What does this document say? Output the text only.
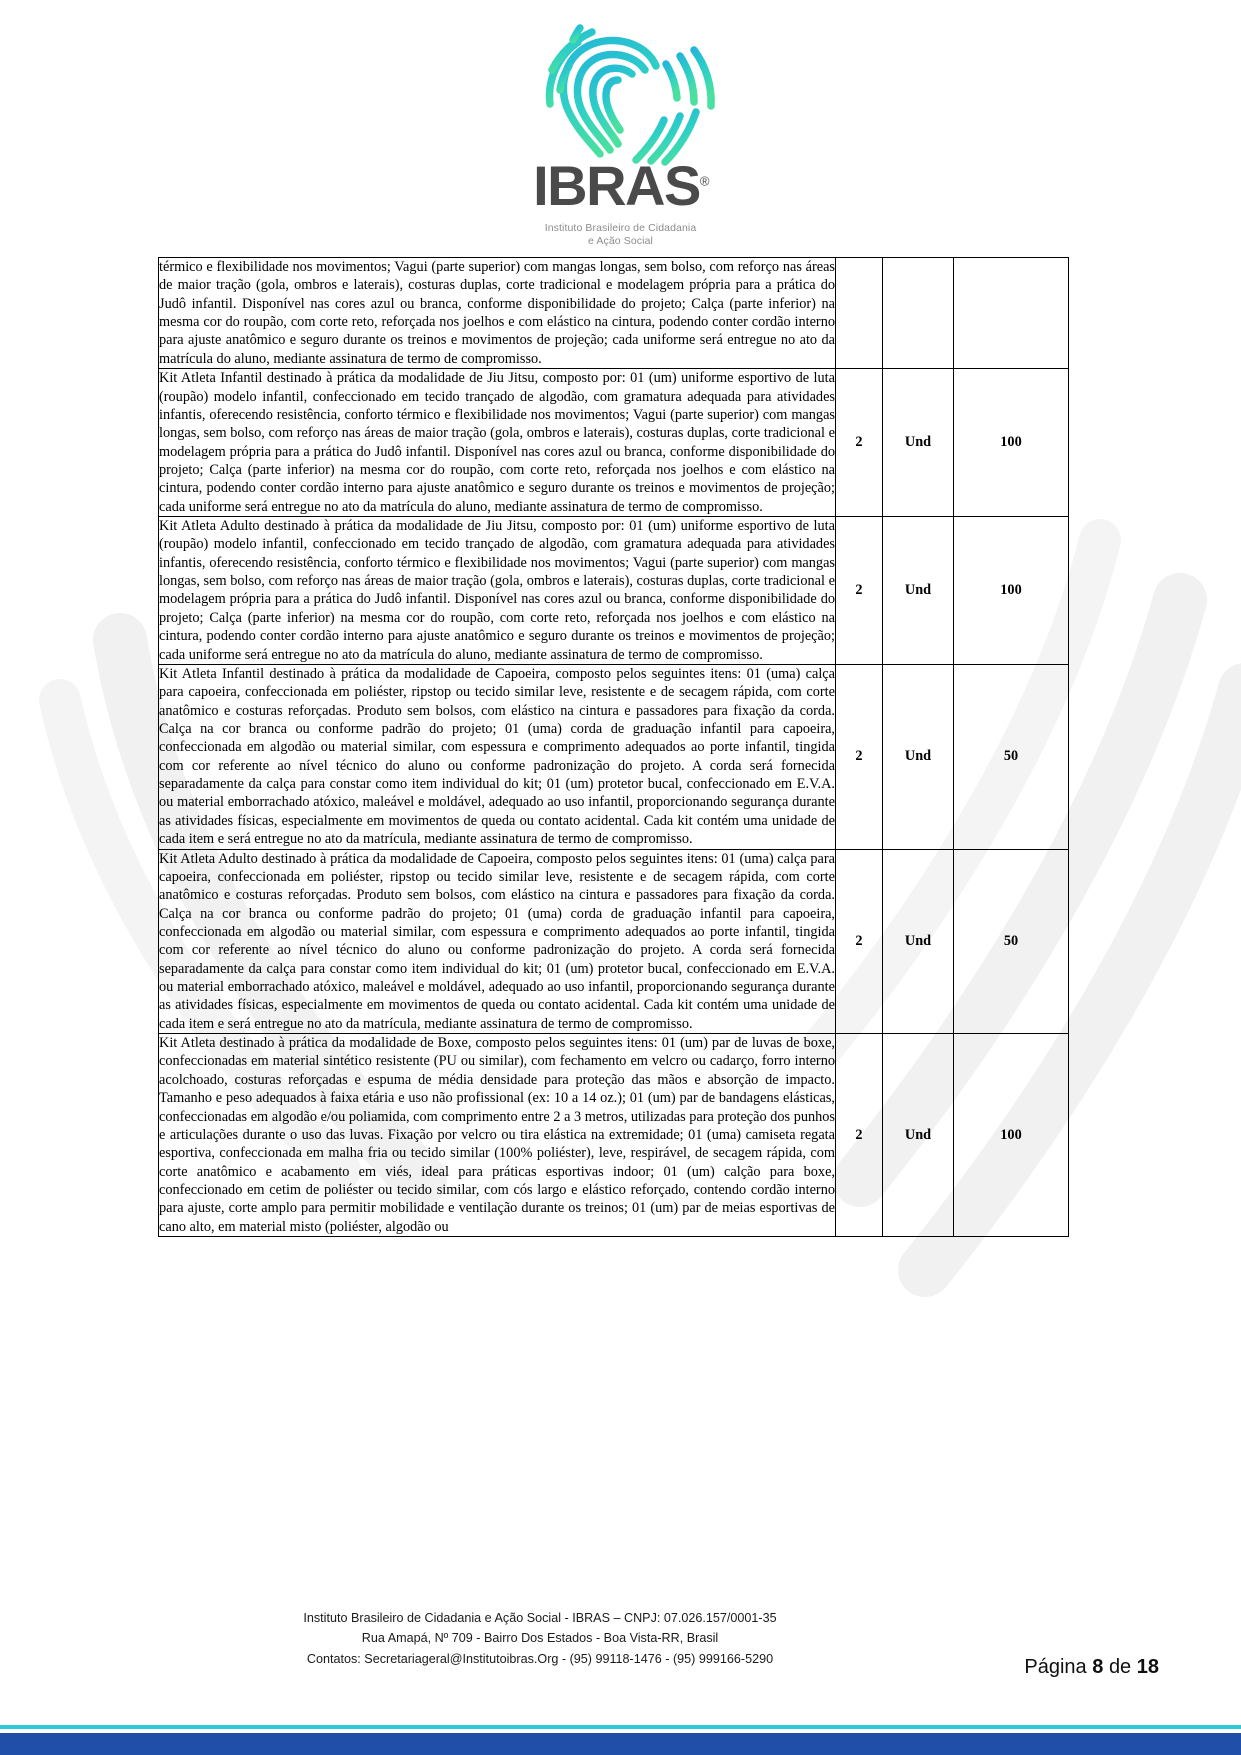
IBRAS®
Instituto Brasileiro de Cidadania
e Ação Social
térmico e flexibilidade nos movimentos; Vagui (parte superior) com mangas longas, sem bolso, com reforço nas áreas de maior tração (gola, ombros e laterais), costuras duplas, corte tradicional e modelagem própria para a prática do Judô infantil. Disponível nas cores azul ou branca, conforme disponibilidade do projeto; Calça (parte inferior) na mesma cor do roupão, com corte reto, reforçada nos joelhos e com elástico na cintura, podendo conter cordão interno para ajuste anatômico e seguro durante os treinos e movimentos de projeção; cada uniforme será entregue no ato da matrícula do aluno, mediante assinatura de termo de compromisso.			
Kit Atleta Infantil destinado à prática da modalidade de Jiu Jitsu, composto por: 01 (um) uniforme esportivo de luta (roupão) modelo infantil, confeccionado em tecido trançado de algodão, com gramatura adequada para atividades infantis, oferecendo resistência, conforto térmico e flexibilidade nos movimentos; Vagui (parte superior) com mangas longas, sem bolso, com reforço nas áreas de maior tração (gola, ombros e laterais), costuras duplas, corte tradicional e modelagem própria para a prática do Judô infantil. Disponível nas cores azul ou branca, conforme disponibilidade do projeto; Calça (parte inferior) na mesma cor do roupão, com corte reto, reforçada nos joelhos e com elástico na cintura, podendo conter cordão interno para ajuste anatômico e seguro durante os treinos e movimentos de projeção; cada uniforme será entregue no ato da matrícula do aluno, mediante assinatura de termo de compromisso.	2	Und	100
Kit Atleta Adulto destinado à prática da modalidade de Jiu Jitsu, composto por: 01 (um) uniforme esportivo de luta (roupão) modelo infantil, confeccionado em tecido trançado de algodão, com gramatura adequada para atividades infantis, oferecendo resistência, conforto térmico e flexibilidade nos movimentos; Vagui (parte superior) com mangas longas, sem bolso, com reforço nas áreas de maior tração (gola, ombros e laterais), costuras duplas, corte tradicional e modelagem própria para a prática do Judô infantil. Disponível nas cores azul ou branca, conforme disponibilidade do projeto; Calça (parte inferior) na mesma cor do roupão, com corte reto, reforçada nos joelhos e com elástico na cintura, podendo conter cordão interno para ajuste anatômico e seguro durante os treinos e movimentos de projeção; cada uniforme será entregue no ato da matrícula do aluno, mediante assinatura de termo de compromisso.	2	Und	100
Kit Atleta Infantil destinado à prática da modalidade de Capoeira, composto pelos seguintes itens: 01 (uma) calça para capoeira, confeccionada em poliéster, ripstop ou tecido similar leve, resistente e de secagem rápida, com corte anatômico e costuras reforçadas. Produto sem bolsos, com elástico na cintura e passadores para fixação da corda. Calça na cor branca ou conforme padrão do projeto; 01 (uma) corda de graduação infantil para capoeira, confeccionada em algodão ou material similar, com espessura e comprimento adequados ao porte infantil, tingida com cor referente ao nível técnico do aluno ou conforme padronização do projeto. A corda será fornecida separadamente da calça para constar como item individual do kit; 01 (um) protetor bucal, confeccionado em E.V.A. ou material emborrachado atóxico, maleável e moldável, adequado ao uso infantil, proporcionando segurança durante as atividades físicas, especialmente em movimentos de queda ou contato acidental. Cada kit contém uma unidade de cada item e será entregue no ato da matrícula, mediante assinatura de termo de compromisso.	2	Und	50
Kit Atleta Adulto destinado à prática da modalidade de Capoeira, composto pelos seguintes itens: 01 (uma) calça para capoeira, confeccionada em poliéster, ripstop ou tecido similar leve, resistente e de secagem rápida, com corte anatômico e costuras reforçadas. Produto sem bolsos, com elástico na cintura e passadores para fixação da corda. Calça na cor branca ou conforme padrão do projeto; 01 (uma) corda de graduação infantil para capoeira, confeccionada em algodão ou material similar, com espessura e comprimento adequados ao porte infantil, tingida com cor referente ao nível técnico do aluno ou conforme padronização do projeto. A corda será fornecida separadamente da calça para constar como item individual do kit; 01 (um) protetor bucal, confeccionado em E.V.A. ou material emborrachado atóxico, maleável e moldável, adequado ao uso infantil, proporcionando segurança durante as atividades físicas, especialmente em movimentos de queda ou contato acidental. Cada kit contém uma unidade de cada item e será entregue no ato da matrícula, mediante assinatura de termo de compromisso.	2	Und	50
Kit Atleta destinado à prática da modalidade de Boxe, composto pelos seguintes itens: 01 (um) par de luvas de boxe, confeccionadas em material sintético resistente (PU ou similar), com fechamento em velcro ou cadarço, forro interno acolchoado, costuras reforçadas e espuma de média densidade para proteção das mãos e absorção de impacto. Tamanho e peso adequados à faixa etária e uso não profissional (ex: 10 a 14 oz.); 01 (um) par de bandagens elásticas, confeccionadas em algodão e/ou poliamida, com comprimento entre 2 a 3 metros, utilizadas para proteção dos punhos e articulações durante o uso das luvas. Fixação por velcro ou tira elástica na extremidade; 01 (uma) camiseta regata esportiva, confeccionada em malha fria ou tecido similar (100% poliéster), leve, respirável, de secagem rápida, com corte anatômico e acabamento em viés, ideal para práticas esportivas indoor; 01 (um) calção para boxe, confeccionado em cetim de poliéster ou tecido similar, com cós largo e elástico reforçado, contendo cordão interno para ajuste, corte amplo para permitir mobilidade e ventilação durante os treinos; 01 (um) par de meias esportivas de cano alto, em material misto (poliéster, algodão ou	2	Und	100
Instituto Brasileiro de Cidadania e Ação Social - IBRAS – CNPJ: 07.026.157/0001-35
Rua Amapá, Nº 709 - Bairro Dos Estados - Boa Vista-RR, Brasil
Contatos: Secretariageral@Institutoibras.Org - (95) 99118-1476 - (95) 999166-5290	Página 8 de 18
